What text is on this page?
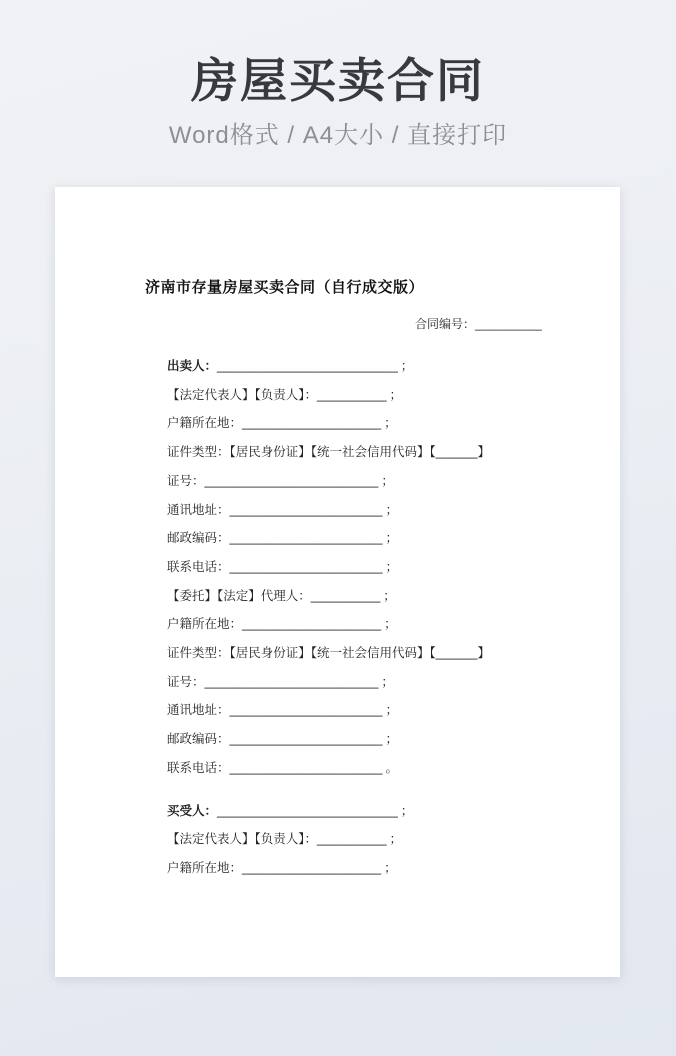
房屋买卖合同
Word格式 / A4大小 / 直接打印
济南市存量房屋买卖合同（自行成交版）
合同编号：__________
出卖人：__________________________ ；
【法定代表人】【负责人】：__________ ；
户籍所在地：____________________ ；
证件类型：【居民身份证】【统一社会信用代码】【______】
证号：_________________________ ；
通讯地址：______________________ ；
邮政编码：______________________ ；
联系电话：______________________ ；
【委托】【法定】代理人：__________ ；
户籍所在地：____________________ ；
证件类型：【居民身份证】【统一社会信用代码】【______】
证号：_________________________ ；
通讯地址：______________________ ；
邮政编码：______________________ ；
联系电话：______________________ 。
买受人：__________________________ ；
【法定代表人】【负责人】：__________ ；
户籍所在地：____________________ ；
